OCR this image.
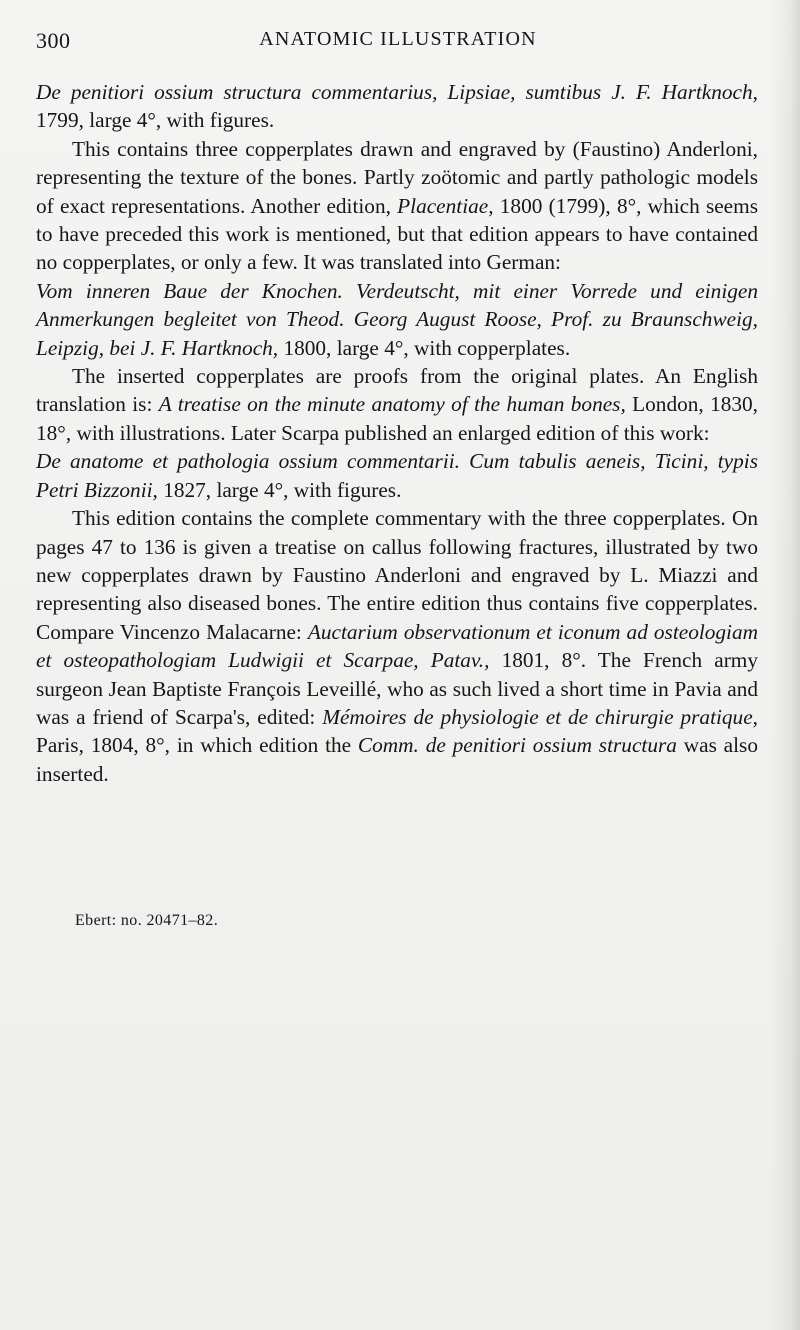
300	ANATOMIC ILLUSTRATION

De penitiori ossium structura commentarius, Lipsiae, sumtibus J. F. Hartknoch, 1799, large 4°, with figures.

This contains three copperplates drawn and engraved by (Faustino) Anderloni, representing the texture of the bones. Partly zoötomic and partly pathologic models of exact representations. Another edition, Placentiae, 1800 (1799), 8°, which seems to have preceded this work is mentioned, but that edition appears to have contained no copperplates, or only a few. It was translated into German:

Vom inneren Baue der Knochen. Verdeutscht, mit einer Vorrede und einigen Anmerkungen begleitet von Theod. Georg August Roose, Prof. zu Braunschweig, Leipzig, bei J. F. Hartknoch, 1800, large 4°, with copperplates.

The inserted copperplates are proofs from the original plates. An English translation is: A treatise on the minute anatomy of the human bones, London, 1830, 18°, with illustrations. Later Scarpa published an enlarged edition of this work:

De anatome et pathologia ossium commentarii. Cum tabulis aeneis, Ticini, typis Petri Bizzonii, 1827, large 4°, with figures.

This edition contains the complete commentary with the three copperplates. On pages 47 to 136 is given a treatise on callus following fractures, illustrated by two new copperplates drawn by Faustino Anderloni and engraved by L. Miazzi and representing also diseased bones. The entire edition thus contains five copperplates. Compare Vincenzo Malacarne: Auctarium observationum et iconum ad osteologiam et osteopathologiam Ludwigii et Scarpae, Patav., 1801, 8°. The French army surgeon Jean Baptiste François Leveillé, who as such lived a short time in Pavia and was a friend of Scarpa's, edited: Mémoires de physiologie et de chirurgie pratique, Paris, 1804, 8°, in which edition the Comm. de penitiori ossium structura was also inserted.

Ebert: no. 20471–82.
